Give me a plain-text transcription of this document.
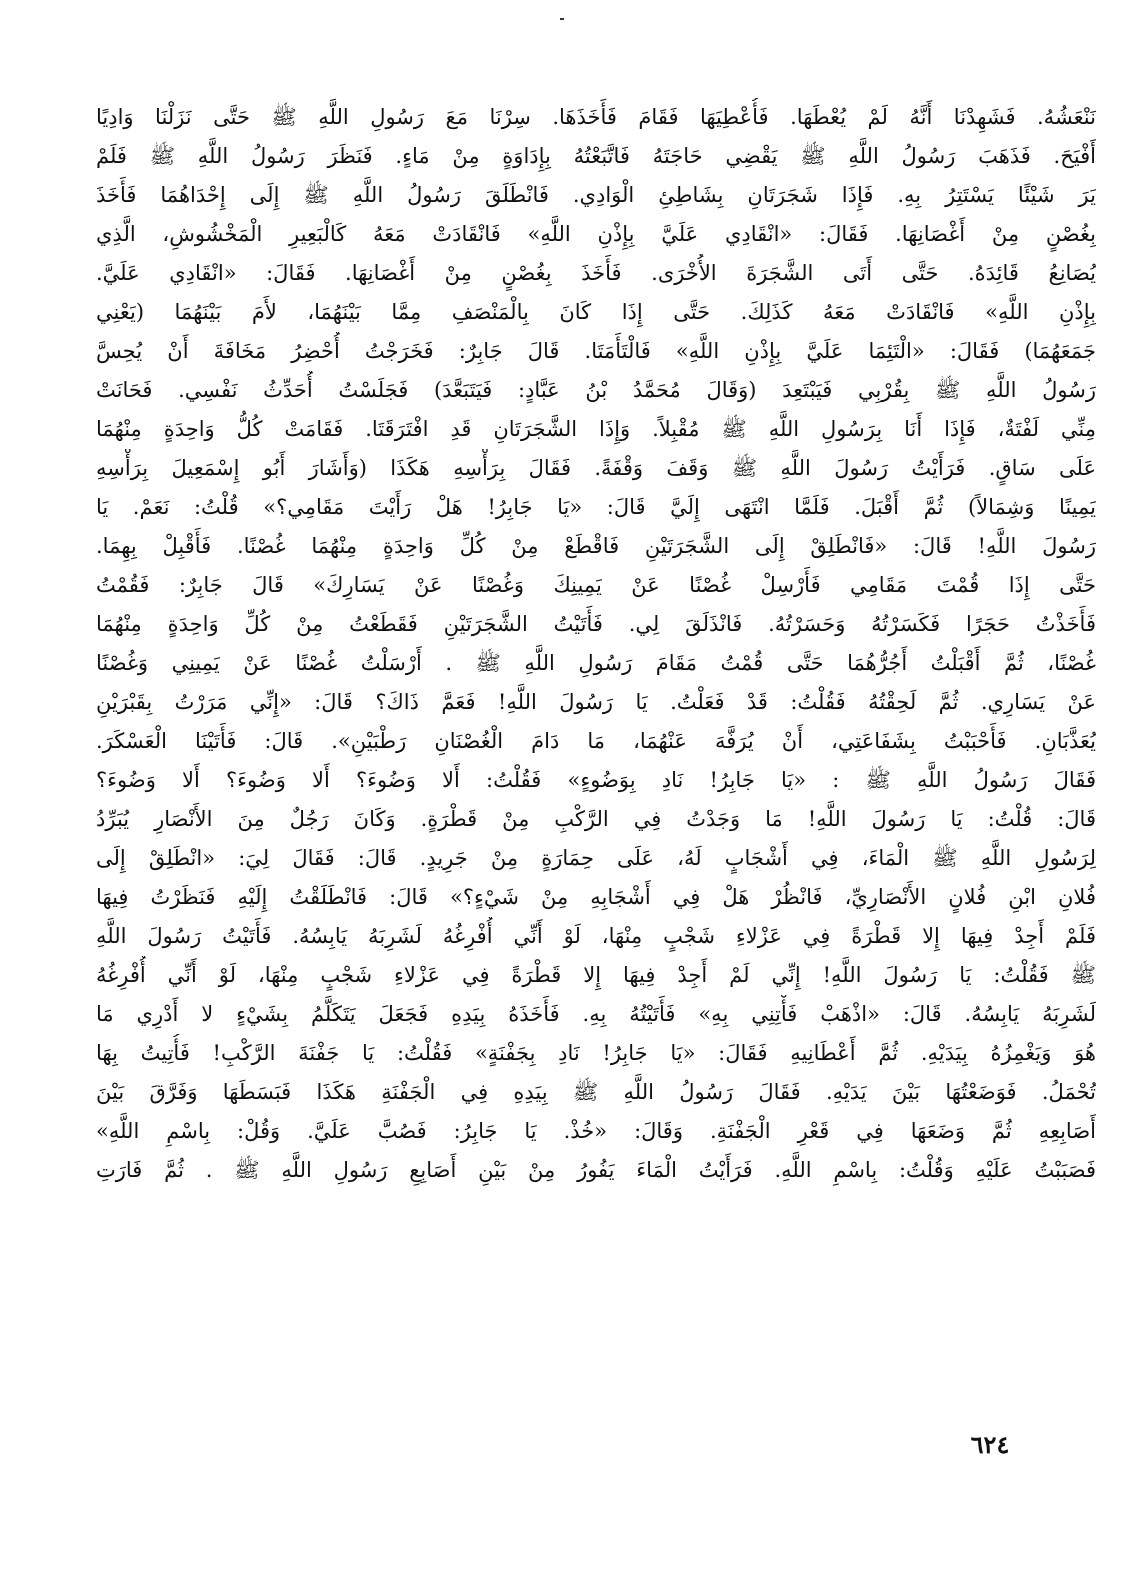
نَنْعَشُهُ. فَشَهِدْنَا أَنَّهُ لَمْ يُعْطَهَا. فَأُعْطِيَهَا فَقَامَ فَأَخَذَهَا. سِرْنَا مَعَ رَسُولِ اللَّهِ ﷺ حَتَّى نَزَلْنَا وَادِيًا
أَفْيَحَ. فَذَهَبَ رَسُولُ اللَّهِ ﷺ يَقْضِي حَاجَتَهُ فَاتَّبَعْتُهُ بِإِدَاوَةٍ مِنْ مَاءٍ. فَنَظَرَ رَسُولُ اللَّهِ ﷺ فَلَمْ
يَرَ شَيْئًا يَسْتَتِرُ بِهِ. فَإِذَا شَجَرَتَانِ بِشَاطِئِ الْوَادِي. فَانْطَلَقَ رَسُولُ اللَّهِ ﷺ إِلَى إِحْدَاهُمَا فَأَخَذَ
بِغُصْنٍ مِنْ أَغْصَانِهَا. فَقَالَ: «انْقَادِي عَلَيَّ بِإِذْنِ اللَّهِ» فَانْقَادَتْ مَعَهُ كَالْبَعِيرِ الْمَخْشُوشِ، الَّذِي
يُصَانِعُ قَائِدَهُ. حَتَّى أَتَى الشَّجَرَةَ الأُخْرَى. فَأَخَذَ بِغُصْنٍ مِنْ أَغْصَانِهَا. فَقَالَ: «انْقَادِي عَلَيَّ.
بِإِذْنِ اللَّهِ» فَانْقَادَتْ مَعَهُ كَذَلِكَ. حَتَّى إِذَا كَانَ بِالْمَنْصَفِ مِمَّا بَيْنَهُمَا، لأَمَ بَيْنَهُمَا (يَعْنِي
جَمَعَهُمَا) فَقَالَ: «الْتَئِمَا عَلَيَّ بِإِذْنِ اللَّهِ» فَالْتَأَمَتَا. قَالَ جَابِرٌ: فَخَرَجْتُ أُحْضِرُ مَخَافَةَ أَنْ يُحِسَّ
رَسُولُ اللَّهِ ﷺ بِقُرْبِي فَيَبْتَعِدَ (وَقَالَ مُحَمَّدُ بْنُ عَبَّادٍ: فَيَتَبَعَّدَ) فَجَلَسْتُ أُحَدِّثُ نَفْسِي. فَحَانَتْ
مِنِّي لَفْتَةٌ، فَإِذَا أَنَا بِرَسُولِ اللَّهِ ﷺ مُقْبِلاً. وَإِذَا الشَّجَرَتَانِ قَدِ افْتَرَقَتَا. فَقَامَتْ كُلُّ وَاحِدَةٍ مِنْهُمَا
عَلَى سَاقٍ. فَرَأَيْتُ رَسُولَ اللَّهِ ﷺ وَقَفَ وَقْفَةً. فَقَالَ بِرَأْسِهِ هَكَذَا (وَأَشَارَ أَبُو إِسْمَعِيلَ بِرَأْسِهِ
يَمِينًا وَشِمَالاً) ثُمَّ أَقْبَلَ. فَلَمَّا انْتَهَى إِلَيَّ قَالَ: «يَا جَابِرُ! هَلْ رَأَيْتَ مَقَامِي؟» قُلْتُ: نَعَمْ. يَا
رَسُولَ اللَّهِ! قَالَ: «فَانْطَلِقْ إِلَى الشَّجَرَتَيْنِ فَاقْطَعْ مِنْ كُلِّ وَاحِدَةٍ مِنْهُمَا غُصْنًا. فَأَقْبِلْ بِهِمَا.
حَتَّى إِذَا قُمْتَ مَقَامِي فَأَرْسِلْ غُصْنًا عَنْ يَمِينِكَ وَغُصْنًا عَنْ يَسَارِكَ» قَالَ جَابِرٌ: فَقُمْتُ
فَأَخَذْتُ حَجَرًا فَكَسَرْتُهُ وَحَسَرْتُهُ. فَانْذَلَقَ لِي. فَأَتَيْتُ الشَّجَرَتَيْنِ فَقَطَعْتُ مِنْ كُلِّ وَاحِدَةٍ مِنْهُمَا
غُصْنًا، ثُمَّ أَقْبَلْتُ أَجُرُّهُمَا حَتَّى قُمْتُ مَقَامَ رَسُولِ اللَّهِ ﷺ . أَرْسَلْتُ غُصْنًا عَنْ يَمِينِي وَغُصْنًا
عَنْ يَسَارِي. ثُمَّ لَحِقْتُهُ فَقُلْتُ: قَدْ فَعَلْتُ. يَا رَسُولَ اللَّهِ! فَعَمَّ ذَاكَ؟ قَالَ: «إِنِّي مَرَرْتُ بِقَبْرَيْنِ
يُعَذَّبَانِ. فَأَحْبَبْتُ بِشَفَاعَتِي، أَنْ يُرَفَّهَ عَنْهُمَا، مَا دَامَ الْغُصْنَانِ رَطْبَيْنِ». قَالَ: فَأَتَيْنَا الْعَسْكَرَ.
فَقَالَ رَسُولُ اللَّهِ ﷺ : «يَا جَابِرُ! نَادِ بِوَضُوءٍ» فَقُلْتُ: أَلا وَضُوءَ؟ أَلا وَضُوءَ؟ أَلا وَضُوءَ؟
قَالَ: قُلْتُ: يَا رَسُولَ اللَّهِ! مَا وَجَدْتُ فِي الرَّكْبِ مِنْ قَطْرَةٍ. وَكَانَ رَجُلٌ مِنَ الأَنْصَارِ يُبَرِّدُ
لِرَسُولِ اللَّهِ ﷺ الْمَاءَ، فِي أَشْجَابٍ لَهُ، عَلَى حِمَارَةٍ مِنْ جَرِيدٍ. قَالَ: فَقَالَ لِيَ: «انْطَلِقْ إِلَى
فُلانِ ابْنِ فُلانٍ الأَنْصَارِيِّ، فَانْظُرْ هَلْ فِي أَشْجَابِهِ مِنْ شَيْءٍ؟» قَالَ: فَانْطَلَقْتُ إِلَيْهِ فَنَظَرْتُ فِيهَا
فَلَمْ أَجِدْ فِيهَا إِلا قَطْرَةً فِي عَزْلاءِ شَجْبٍ مِنْهَا، لَوْ أَنِّي أُفْرِغُهُ لَشَرِبَهُ يَابِسُهُ. فَأَتَيْتُ رَسُولَ اللَّهِ
ﷺ فَقُلْتُ: يَا رَسُولَ اللَّهِ! إِنِّي لَمْ أَجِدْ فِيهَا إِلا قَطْرَةً فِي عَزْلاءِ شَجْبٍ مِنْهَا، لَوْ أَنِّي أُفْرِغُهُ
لَشَرِبَهُ يَابِسُهُ. قَالَ: «اذْهَبْ فَأْتِنِي بِهِ» فَأَتَيْتُهُ بِهِ. فَأَخَذَهُ بِيَدِهِ فَجَعَلَ يَتَكَلَّمُ بِشَيْءٍ لا أَدْرِي مَا
هُوَ وَيَغْمِزُهُ بِيَدَيْهِ. ثُمَّ أَعْطَانِيهِ فَقَالَ: «يَا جَابِرُ! نَادِ بِجَفْنَةٍ» فَقُلْتُ: يَا جَفْنَةَ الرَّكْبِ! فَأُتِيتُ بِهَا
تُحْمَلُ. فَوَضَعْتُهَا بَيْنَ يَدَيْهِ. فَقَالَ رَسُولُ اللَّهِ ﷺ بِيَدِهِ فِي الْجَفْنَةِ هَكَذَا فَبَسَطَهَا وَفَرَّقَ بَيْنَ
أَصَابِعِهِ ثُمَّ وَضَعَهَا فِي قَعْرِ الْجَفْنَةِ. وَقَالَ: «خُذْ. يَا جَابِرُ: فَصُبَّ عَلَيَّ. وَقُلْ: بِاسْمِ اللَّهِ»
فَصَبَبْتُ عَلَيْهِ وَقُلْتُ: بِاسْمِ اللَّهِ. فَرَأَيْتُ الْمَاءَ يَفُورُ مِنْ بَيْنِ أَصَابِعِ رَسُولِ اللَّهِ ﷺ . ثُمَّ فَارَتِ
٦٢٤
